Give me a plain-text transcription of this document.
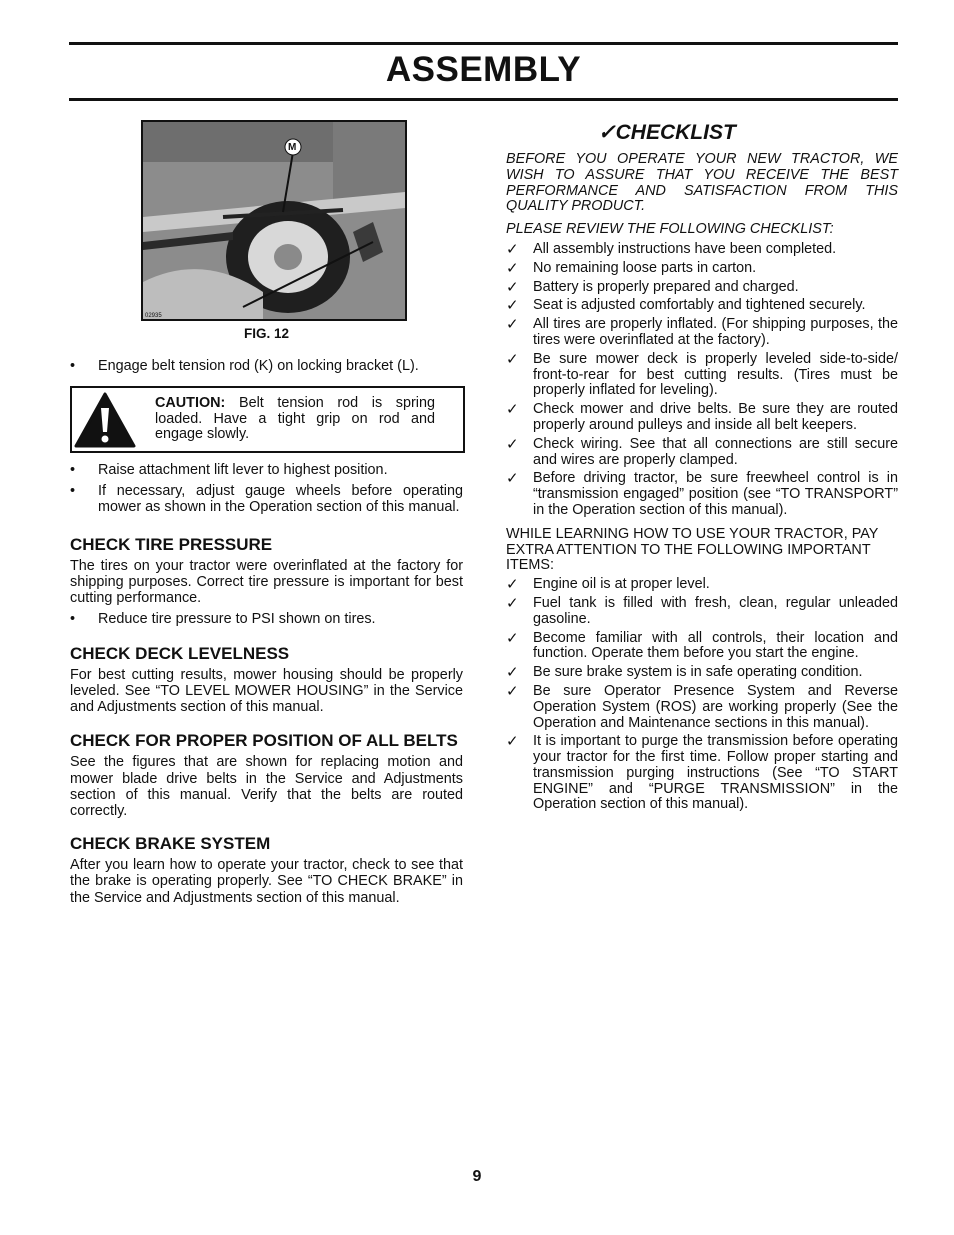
ASSEMBLY
M
02935
FIG. 12
• Engage belt tension rod (K) on locking bracket (L).
CAUTION: Belt tension rod is spring loaded. Have a tight grip on rod and engage slowly.
• Raise attachment lift lever to highest position.
• If necessary, adjust gauge wheels before operating mower as shown in the Operation section of this manual.
CHECK TIRE PRESSURE

The tires on your tractor were overinflated at the factory for shipping purposes. Correct tire pressure is important for best cutting performance.

• Reduce tire pressure to PSI shown on tires.
CHECK DECK LEVELNESS

For best cutting results, mower housing should be properly leveled. See “TO LEVEL MOWER HOUSING” in the Service and Adjustments section of this manual.

CHECK FOR PROPER POSITION OF ALL BELTS

See the figures that are shown for replacing motion and mower blade drive belts in the Service and Adjustments section of this manual. Verify that the belts are routed correctly.

CHECK BRAKE SYSTEM

After you learn how to operate your tractor, check to see that the brake is operating properly. See “TO CHECK BRAKE” in the Service and Adjustments section of this manual.

✓CHECKLIST

BEFORE YOU OPERATE YOUR NEW TRACTOR, WE WISH TO ASSURE THAT YOU RECEIVE THE BEST PERFORMANCE AND SATISFACTION FROM THIS QUALITY PRODUCT.

PLEASE REVIEW THE FOLLOWING CHECKLIST:

✓ All assembly instructions have been completed.
✓ No remaining loose parts in carton.
✓ Battery is properly prepared and charged.
✓ Seat is adjusted comfortably and tightened securely.
✓ All tires are properly inflated. (For shipping purposes, the tires were overinflated at the factory).
✓ Be sure mower deck is properly leveled side-to-side/ front-to-rear for best cutting results. (Tires must be properly inflated for leveling).
✓ Check mower and drive belts. Be sure they are routed properly around pulleys and inside all belt keepers.
✓ Check wiring. See that all connections are still secure and wires are properly clamped.
✓ Before driving tractor, be sure freewheel control is in “transmission engaged” position (see “TO TRANSPORT” in the Operation section of this manual).

WHILE LEARNING HOW TO USE YOUR TRACTOR, PAY EXTRA ATTENTION TO THE FOLLOWING IMPORTANT ITEMS:

✓ Engine oil is at proper level.
✓ Fuel tank is filled with fresh, clean, regular unleaded gasoline.
✓ Become familiar with all controls, their location and function. Operate them before you start the engine.
✓ Be sure brake system is in safe operating condition.
✓ Be sure Operator Presence System and Reverse Operation System (ROS) are working properly (See the Operation and Maintenance sections in this manual).
✓ It is important to purge the transmission before operating your tractor for the first time. Follow proper starting and transmission purging instructions (See “TO START ENGINE” and “PURGE TRANSMISSION” in the Operation section of this manual).
9
